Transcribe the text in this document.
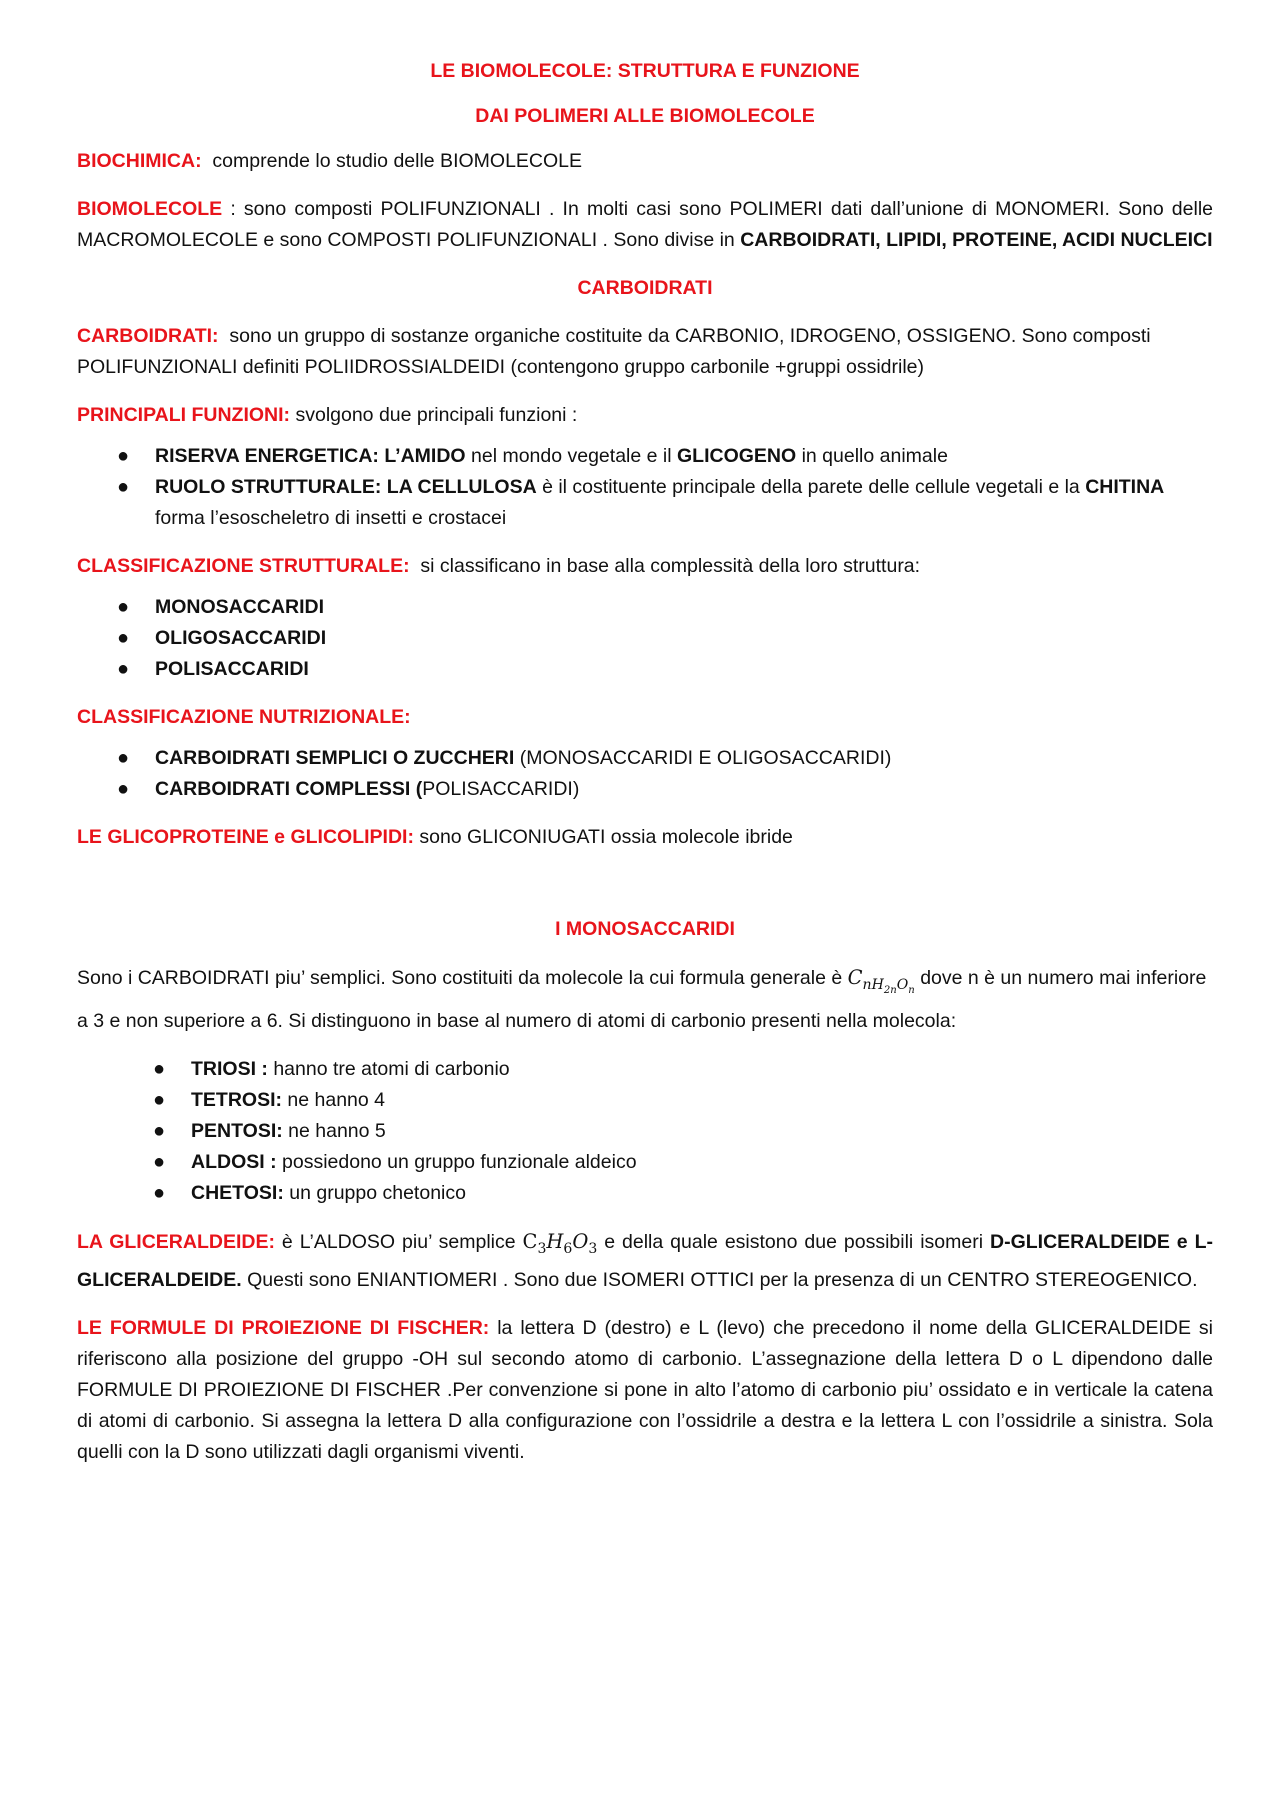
LE BIOMOLECOLE: STRUTTURA E FUNZIONE
DAI POLIMERI ALLE BIOMOLECOLE

BIOCHIMICA: comprende lo studio delle BIOMOLECOLE

BIOMOLECOLE : sono composti POLIFUNZIONALI . In molti casi sono POLIMERI dati dall’unione di MONOMERI. Sono delle MACROMOLECOLE e sono COMPOSTI POLIFUNZIONALI . Sono divise in CARBOIDRATI, LIPIDI, PROTEINE, ACIDI NUCLEICI

CARBOIDRATI

CARBOIDRATI: sono un gruppo di sostanze organiche costituite da CARBONIO, IDROGENO, OSSIGENO. Sono composti POLIFUNZIONALI definiti POLIIDROSSIALDEIDI (contengono gruppo carbonile +gruppi ossidrile)

PRINCIPALI FUNZIONI: svolgono due principali funzioni :

● RISERVA ENERGETICA: L’AMIDO nel mondo vegetale e il GLICOGENO in quello animale
● RUOLO STRUTTURALE: LA CELLULOSA è il costituente principale della parete delle cellule vegetali e la CHITINA forma l’esoscheletro di insetti e crostacei

CLASSIFICAZIONE STRUTTURALE: si classificano in base alla complessità della loro struttura:

● MONOSACCARIDI
● OLIGOSACCARIDI
● POLISACCARIDI

CLASSIFICAZIONE NUTRIZIONALE:

● CARBOIDRATI SEMPLICI O ZUCCHERI (MONOSACCARIDI E OLIGOSACCARIDI)
● CARBOIDRATI COMPLESSI (POLISACCARIDI)

LE GLICOPROTEINE e GLICOLIPIDI: sono GLICONIUGATI ossia molecole ibride

I MONOSACCARIDI

Sono i CARBOIDRATI piu’ semplici. Sono costituiti da molecole la cui formula generale è $C_{nH_{2n}O_n}$ dove n è un numero mai inferiore a 3 e non superiore a 6. Si distinguono in base al numero di atomi di carbonio presenti nella molecola:

● TRIOSI : hanno tre atomi di carbonio
● TETROSI: ne hanno 4
● PENTOSI: ne hanno 5
● ALDOSI : possiedono un gruppo funzionale aldeico
● CHETOSI: un gruppo chetonico

LA GLICERALDEIDE: è L’ALDOSO piu’ semplice $C_3H_6O_3$ e della quale esistono due possibili isomeri D-GLICERALDEIDE e L-GLICERALDEIDE. Questi sono ENIANTIOMERI . Sono due ISOMERI OTTICI per la presenza di un CENTRO STEREOGENICO.

LE FORMULE DI PROIEZIONE DI FISCHER: la lettera D (destro) e L (levo) che precedono il nome della GLICERALDEIDE si riferiscono alla posizione del gruppo -OH sul secondo atomo di carbonio. L’assegnazione della lettera D o L dipendono dalle FORMULE DI PROIEZIONE DI FISCHER .Per convenzione si pone in alto l’atomo di carbonio piu’ ossidato e in verticale la catena di atomi di carbonio. Si assegna la lettera D alla configurazione con l’ossidrile a destra e la lettera L con l’ossidrile a sinistra. Sola quelli con la D sono utilizzati dagli organismi viventi.
